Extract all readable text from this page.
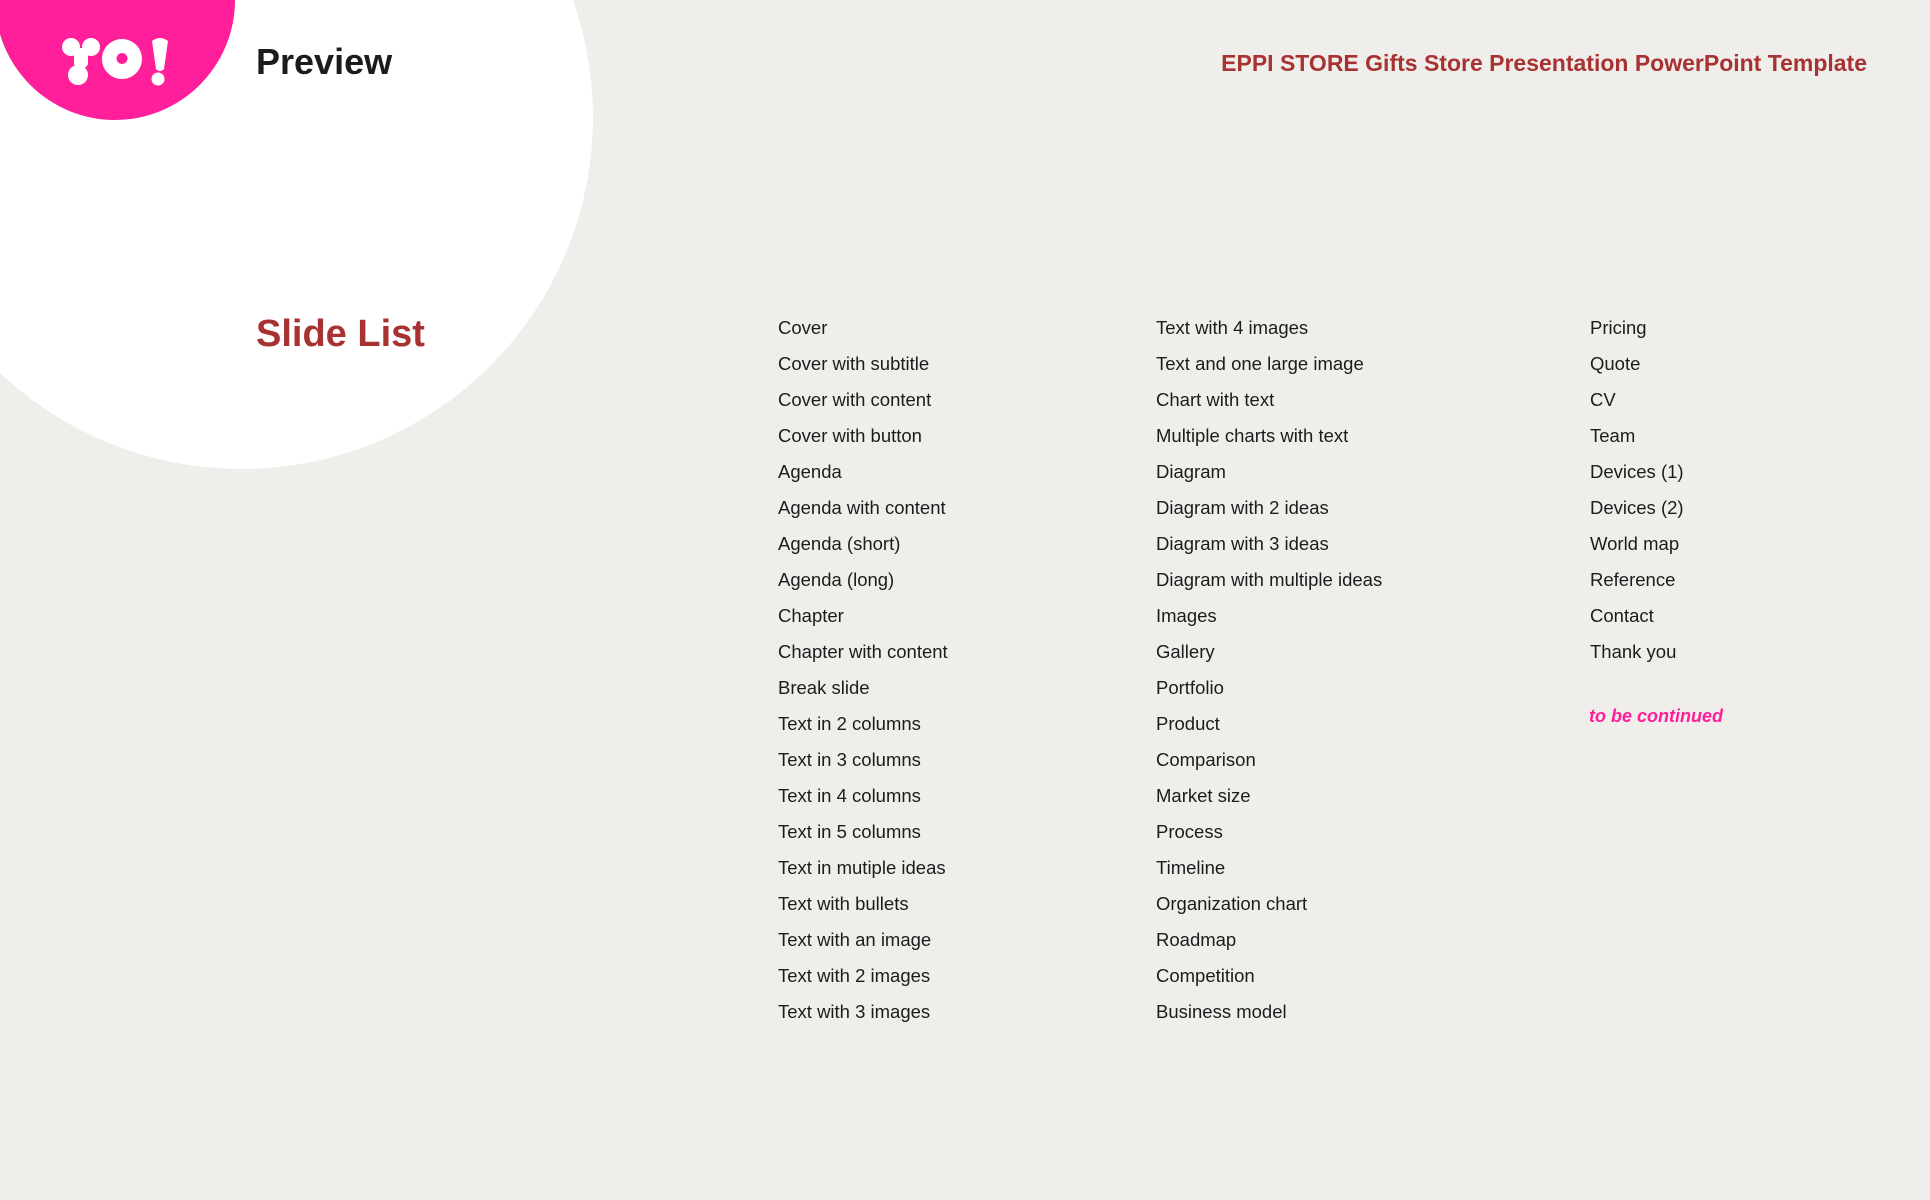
Preview	EPPI STORE Gifts Store Presentation PowerPoint Template
Slide List	Cover
Cover with subtitle
Cover with content
Cover with button
Agenda
Agenda with content
Agenda (short)
Agenda (long)
Chapter
Chapter with content
Break slide
Text in 2 columns
Text in 3 columns
Text in 4 columns
Text in 5 columns
Text in mutiple ideas
Text with bullets
Text with an image
Text with 2 images
Text with 3 images
Text with 4 images
Text and one large image
Chart with text
Multiple charts with text
Diagram
Diagram with 2 ideas
Diagram with 3 ideas
Diagram with multiple ideas
Images
Gallery
Portfolio
Product
Comparison
Market size
Process
Timeline
Organization chart
Roadmap
Competition
Business model
Pricing
Quote
CV
Team
Devices (1)
Devices (2)
World map
Reference
Contact
Thank you
to be continued
